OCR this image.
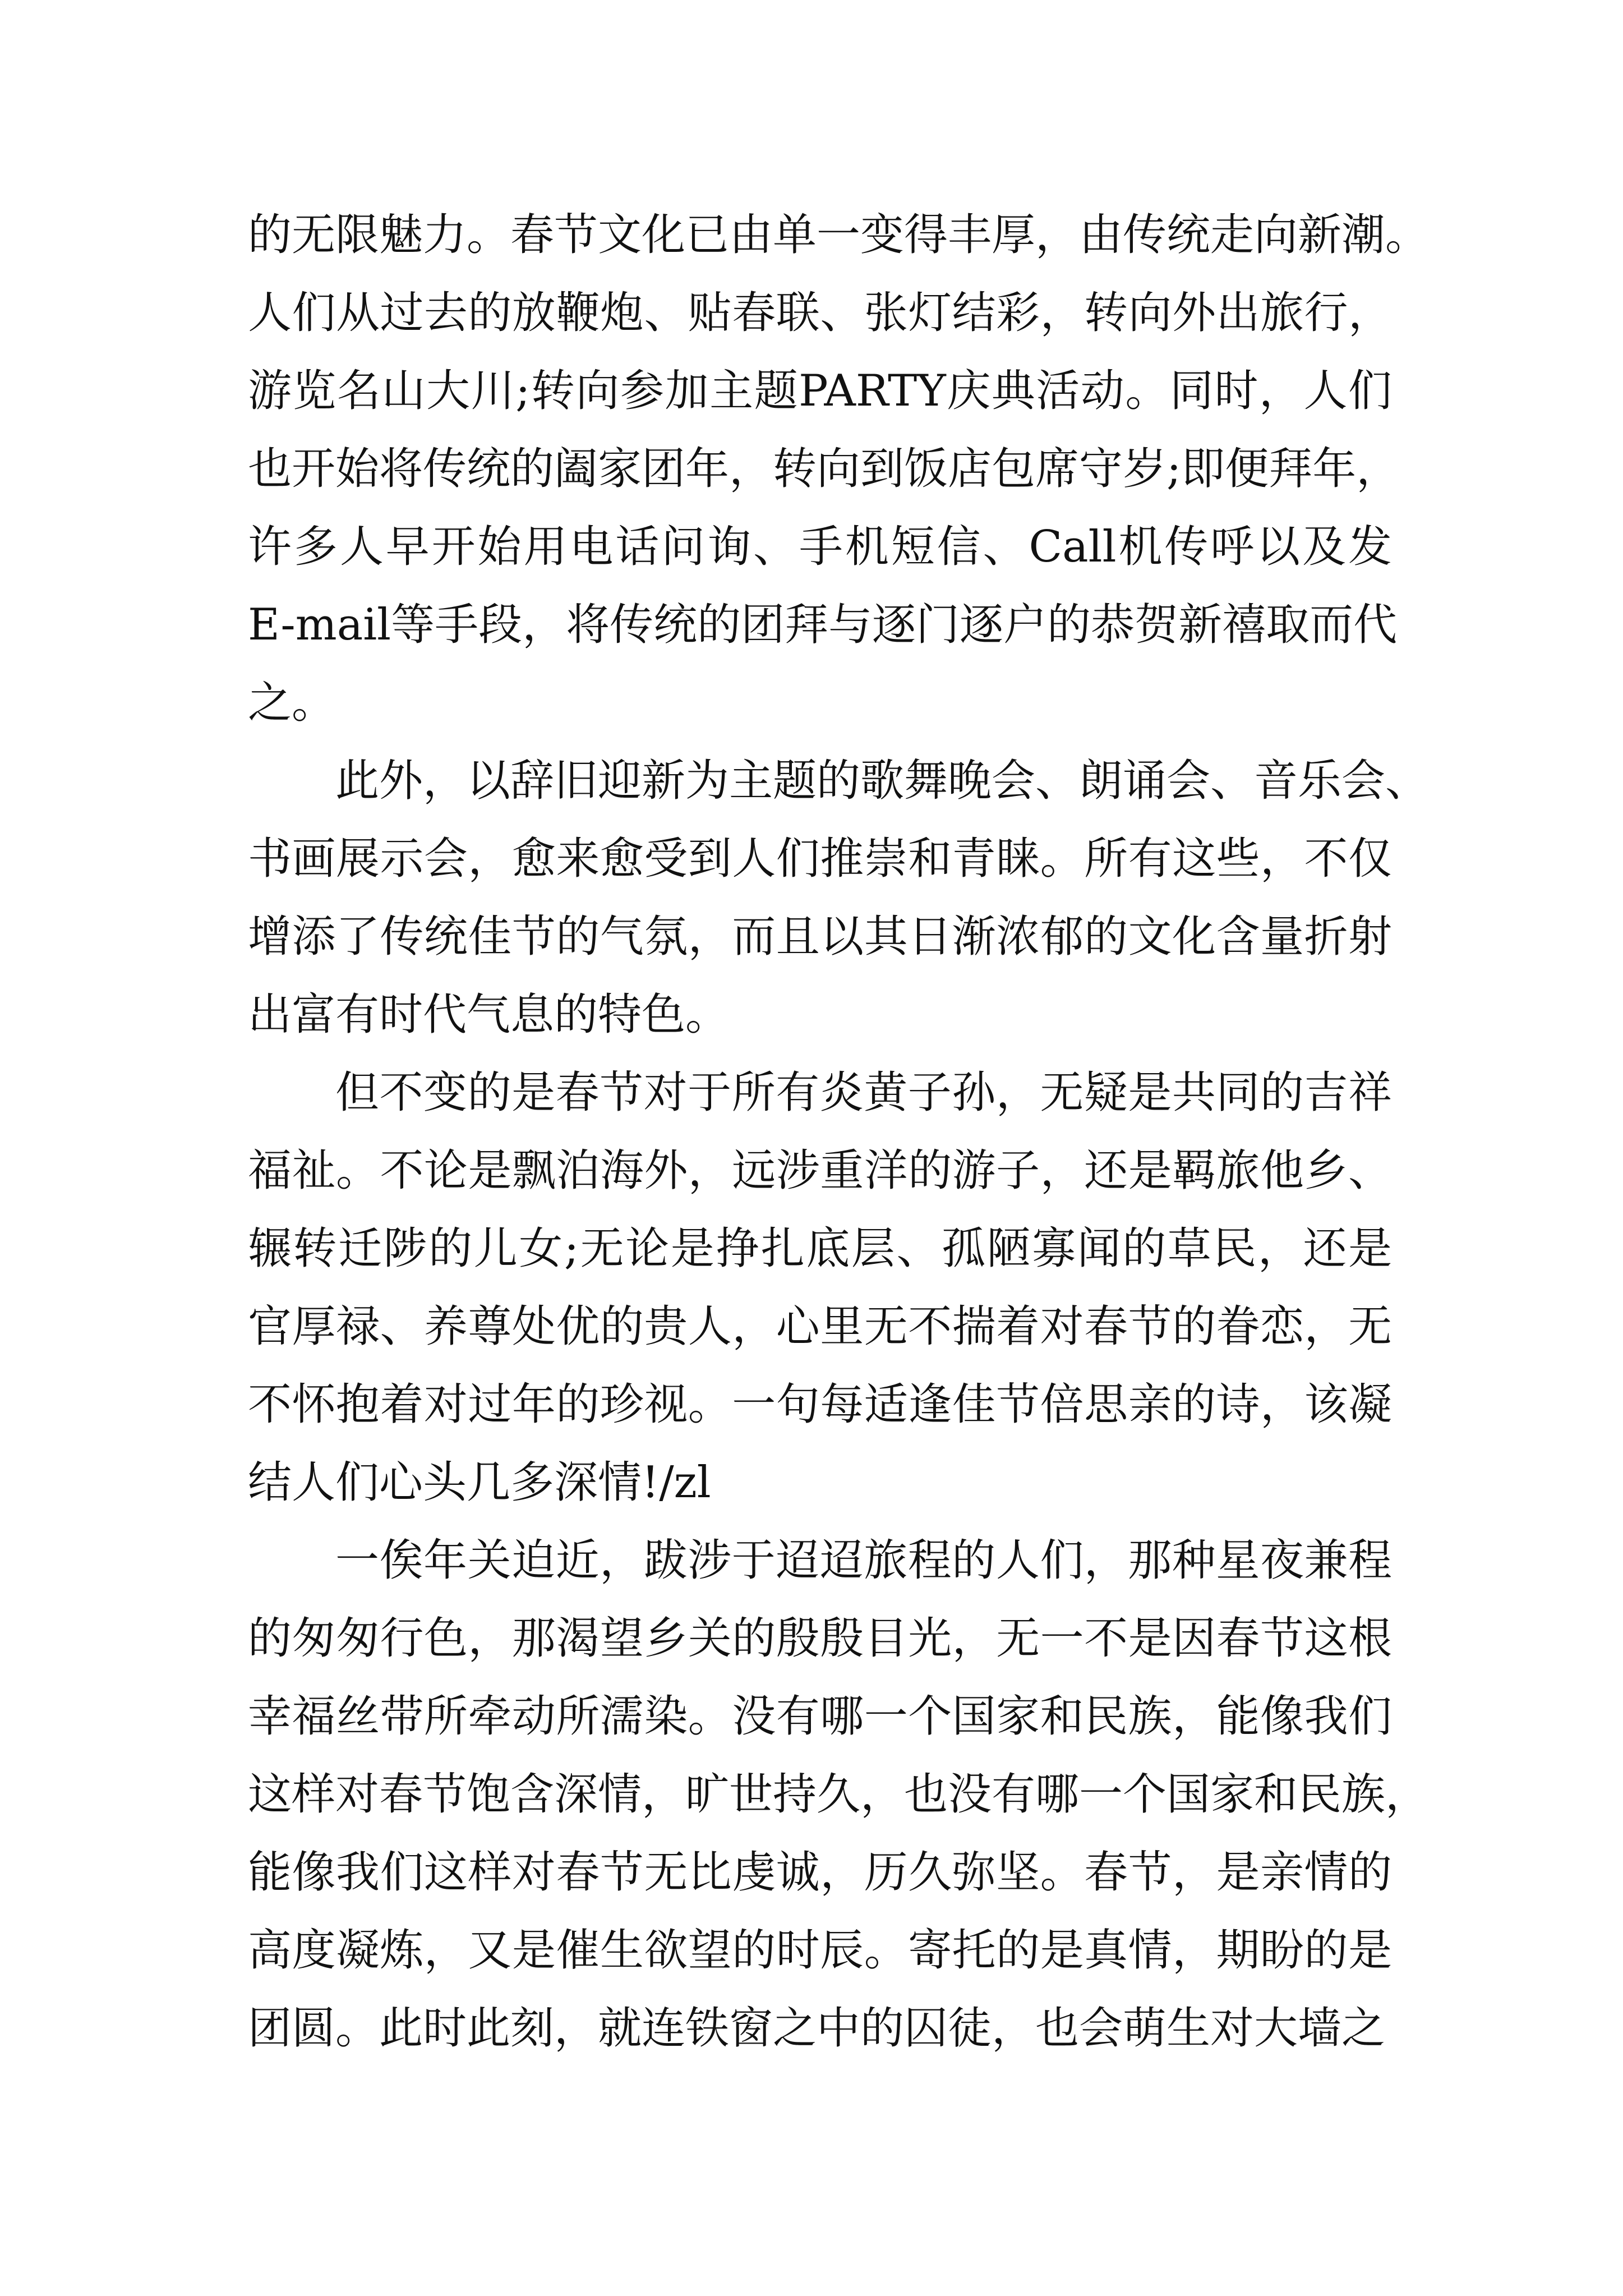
的无限魅力。春节文化已由单一变得丰厚，由传统走向新潮。
人们从过去的放鞭炮、贴春联、张灯结彩，转向外出旅行，
游览名山大川;转向参加主题PARTY庆典活动。同时，人们
也开始将传统的阖家团年，转向到饭店包席守岁;即便拜年，
许多人早开始用电话问询、手机短信、Call机传呼以及发
E-mail等手段，将传统的团拜与逐门逐户的恭贺新禧取而代
之。
此外，以辞旧迎新为主题的歌舞晚会、朗诵会、音乐会、
书画展示会，愈来愈受到人们推崇和青睐。所有这些，不仅
增添了传统佳节的气氛，而且以其日渐浓郁的文化含量折射
出富有时代气息的特色。
但不变的是春节对于所有炎黄子孙，无疑是共同的吉祥
福祉。不论是飘泊海外，远涉重洋的游子，还是羁旅他乡、
辗转迁陟的儿女;无论是挣扎底层、孤陋寡闻的草民，还是
官厚禄、养尊处优的贵人，心里无不揣着对春节的眷恋，无
不怀抱着对过年的珍视。一句每适逢佳节倍思亲的诗，该凝
结人们心头几多深情!/zl
一俟年关迫近，跋涉于迢迢旅程的人们，那种星夜兼程
的匆匆行色，那渴望乡关的殷殷目光，无一不是因春节这根
幸福丝带所牵动所濡染。没有哪一个国家和民族，能像我们
这样对春节饱含深情，旷世持久，也没有哪一个国家和民族，
能像我们这样对春节无比虔诚，历久弥坚。春节，是亲情的
高度凝炼，又是催生欲望的时辰。寄托的是真情，期盼的是
团圆。此时此刻，就连铁窗之中的囚徒，也会萌生对大墙之
